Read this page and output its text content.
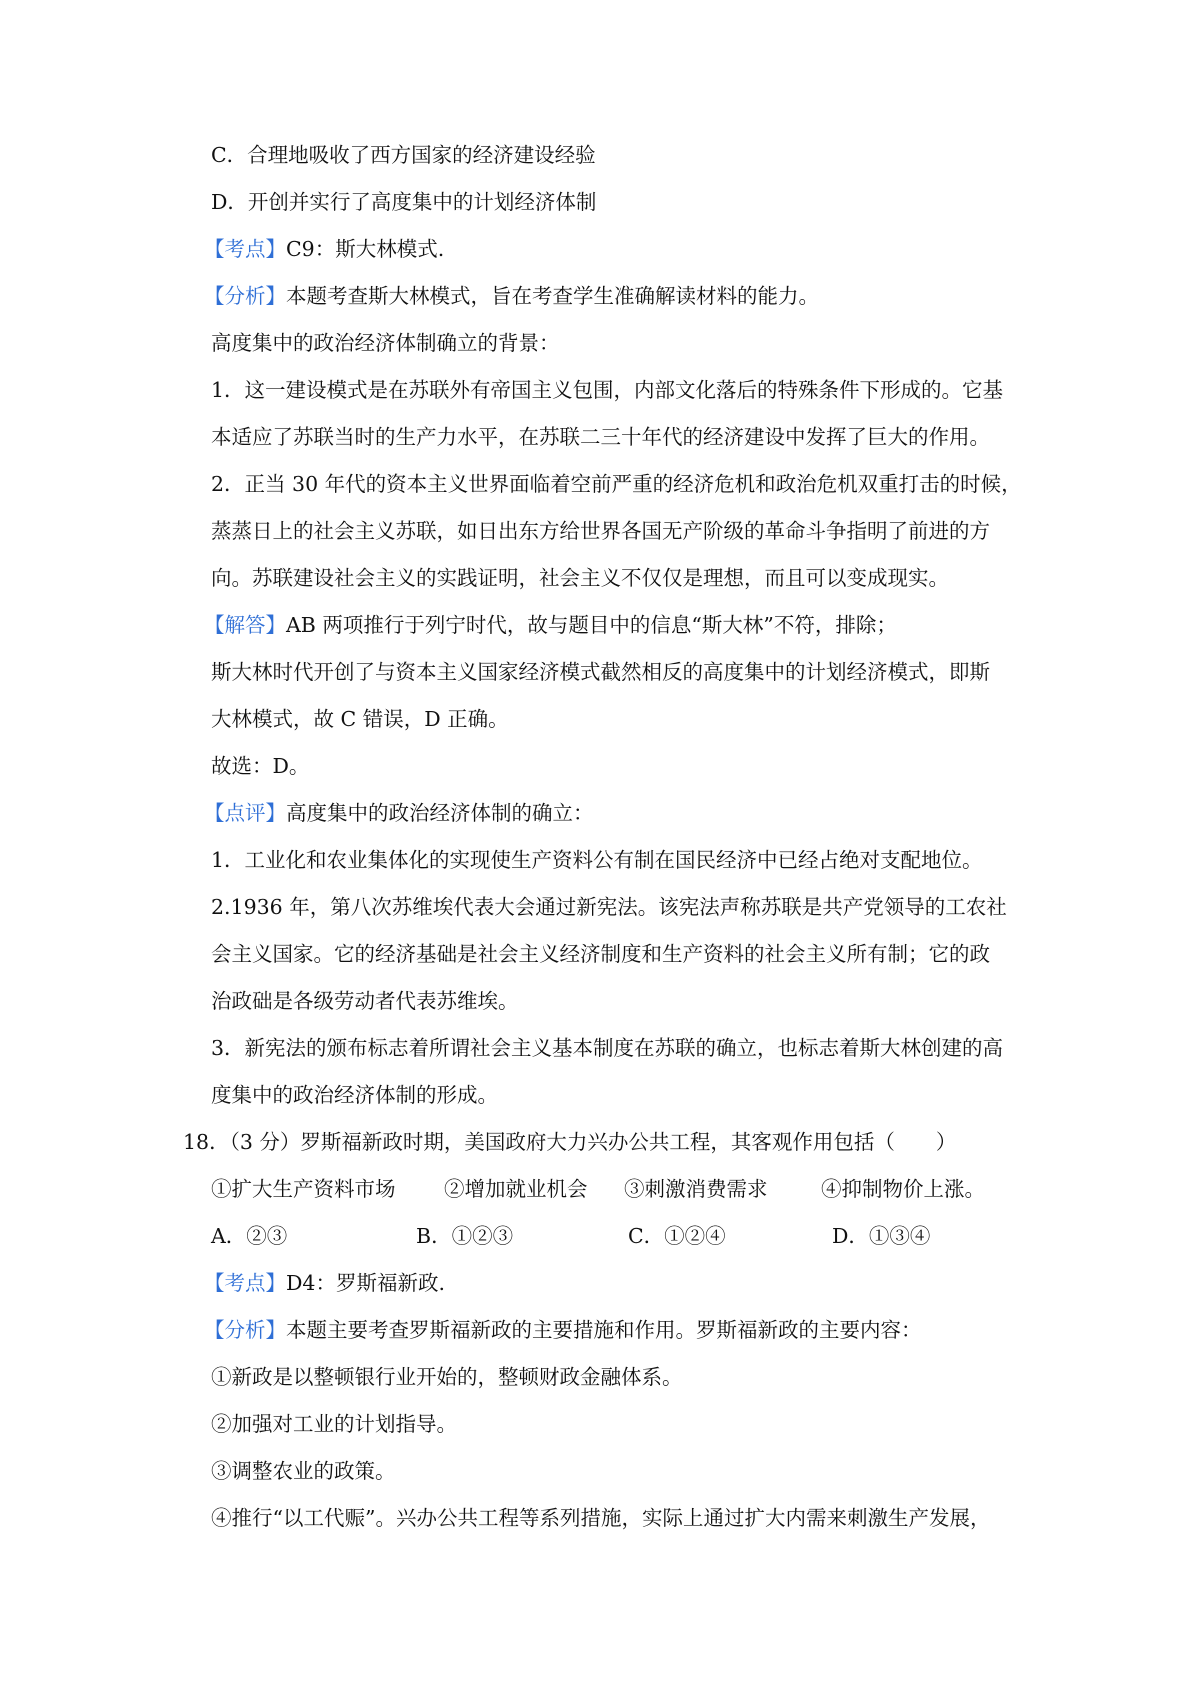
C．合理地吸收了西方国家的经济建设经验
D．开创并实行了高度集中的计划经济体制
【考点】C9：斯大林模式.
【分析】本题考查斯大林模式，旨在考查学生准确解读材料的能力。
高度集中的政治经济体制确立的背景：
1．这一建设模式是在苏联外有帝国主义包围，内部文化落后的特殊条件下形成的。它基
本适应了苏联当时的生产力水平，在苏联二三十年代的经济建设中发挥了巨大的作用。
2．正当 30 年代的资本主义世界面临着空前严重的经济危机和政治危机双重打击的时候，
蒸蒸日上的社会主义苏联，如日出东方给世界各国无产阶级的革命斗争指明了前进的方
向。苏联建设社会主义的实践证明，社会主义不仅仅是理想，而且可以变成现实。
【解答】AB 两项推行于列宁时代，故与题目中的信息“斯大林”不符，排除；
斯大林时代开创了与资本主义国家经济模式截然相反的高度集中的计划经济模式，即斯
大林模式，故 C 错误，D 正确。
故选：D。
【点评】高度集中的政治经济体制的确立：
1．工业化和农业集体化的实现使生产资料公有制在国民经济中已经占绝对支配地位。
2.1936 年，第八次苏维埃代表大会通过新宪法。该宪法声称苏联是共产党领导的工农社
会主义国家。它的经济基础是社会主义经济制度和生产资料的社会主义所有制；它的政
治政础是各级劳动者代表苏维埃。
3．新宪法的颁布标志着所谓社会主义基本制度在苏联的确立，也标志着斯大林创建的高
度集中的政治经济体制的形成。
18．（3 分）罗斯福新政时期，美国政府大力兴办公共工程，其客观作用包括（　　）
①扩大生产资料市场 ②增加就业机会 ③刺激消费需求	④抑制物价上涨。
A．②③	B．①②③	C．①②④	D．①③④
【考点】D4：罗斯福新政.
【分析】本题主要考查罗斯福新政的主要措施和作用。罗斯福新政的主要内容：
①新政是以整顿银行业开始的，整顿财政金融体系。
②加强对工业的计划指导。
③调整农业的政策。
④推行“以工代赈”。兴办公共工程等系列措施，实际上通过扩大内需来刺激生产发展，
